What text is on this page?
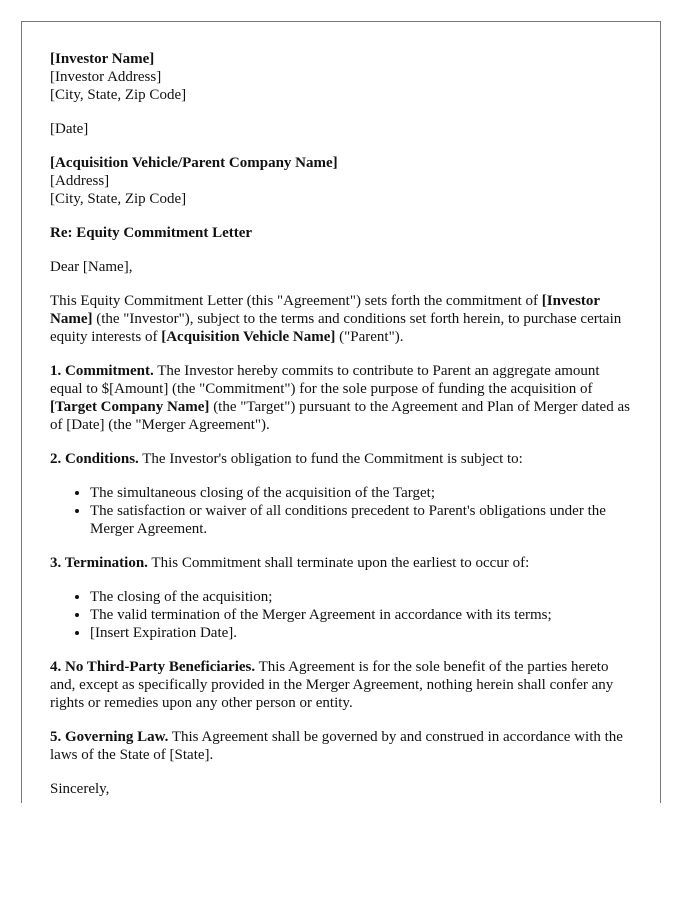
[Investor Name]
[Investor Address]
[City, State, Zip Code]
[Date]
[Acquisition Vehicle/Parent Company Name]
[Address]
[City, State, Zip Code]

Re: Equity Commitment Letter

Dear [Name],

This Equity Commitment Letter (this "Agreement") sets forth the commitment of [Investor Name] (the "Investor"), subject to the terms and conditions set forth herein, to purchase certain equity interests of [Acquisition Vehicle Name] ("Parent").

1. Commitment. The Investor hereby commits to contribute to Parent an aggregate amount equal to $[Amount] (the "Commitment") for the sole purpose of funding the acquisition of [Target Company Name] (the "Target") pursuant to the Agreement and Plan of Merger dated as of [Date] (the "Merger Agreement").

2. Conditions. The Investor's obligation to fund the Commitment is subject to:

• The simultaneous closing of the acquisition of the Target;
• The satisfaction or waiver of all conditions precedent to Parent's obligations under the Merger Agreement.

3. Termination. This Commitment shall terminate upon the earliest to occur of:

• The closing of the acquisition;
• The valid termination of the Merger Agreement in accordance with its terms;
• [Insert Expiration Date].

4. No Third-Party Beneficiaries. This Agreement is for the sole benefit of the parties hereto and, except as specifically provided in the Merger Agreement, nothing herein shall confer any rights or remedies upon any other person or entity.

5. Governing Law. This Agreement shall be governed by and construed in accordance with the laws of the State of [State].

Sincerely,
